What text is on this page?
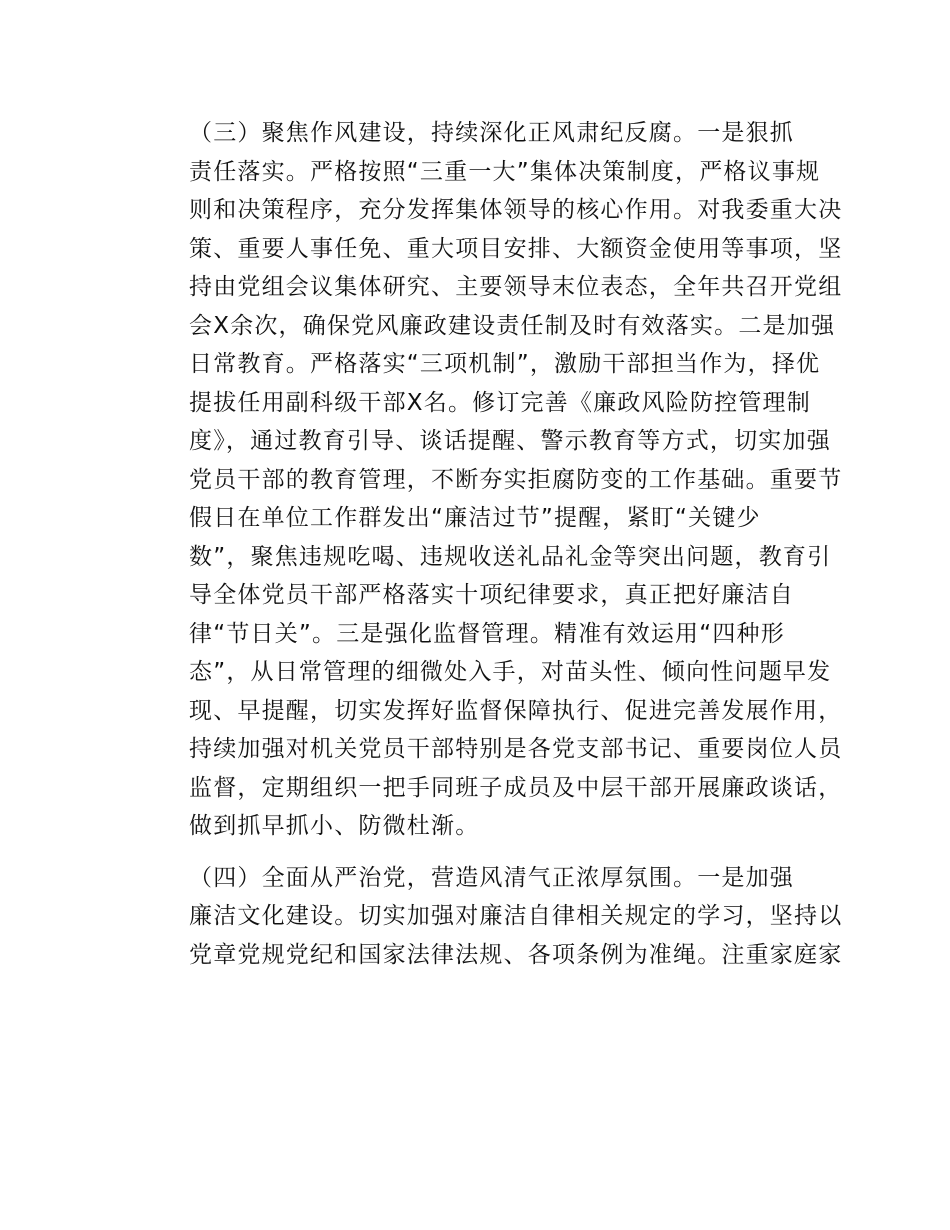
（三）聚焦作风建设，持续深化正风肃纪反腐。一是狠抓
责任落实。严格按照“三重一大”集体决策制度，严格议事规
则和决策程序，充分发挥集体领导的核心作用。对我委重大决
策、重要人事任免、重大项目安排、大额资金使用等事项，坚
持由党组会议集体研究、主要领导末位表态，全年共召开党组
会X余次，确保党风廉政建设责任制及时有效落实。二是加强
日常教育。严格落实“三项机制”，激励干部担当作为，择优
提拔任用副科级干部X名。修订完善《廉政风险防控管理制
度》，通过教育引导、谈话提醒、警示教育等方式，切实加强
党员干部的教育管理，不断夯实拒腐防变的工作基础。重要节
假日在单位工作群发出“廉洁过节”提醒，紧盯“关键少
数”，聚焦违规吃喝、违规收送礼品礼金等突出问题，教育引
导全体党员干部严格落实十项纪律要求，真正把好廉洁自
律“节日关”。三是强化监督管理。精准有效运用“四种形
态”，从日常管理的细微处入手，对苗头性、倾向性问题早发
现、早提醒，切实发挥好监督保障执行、促进完善发展作用，
持续加强对机关党员干部特别是各党支部书记、重要岗位人员
监督，定期组织一把手同班子成员及中层干部开展廉政谈话，
做到抓早抓小、防微杜渐。

（四）全面从严治党，营造风清气正浓厚氛围。一是加强
廉洁文化建设。切实加强对廉洁自律相关规定的学习，坚持以
党章党规党纪和国家法律法规、各项条例为准绳。注重家庭家
